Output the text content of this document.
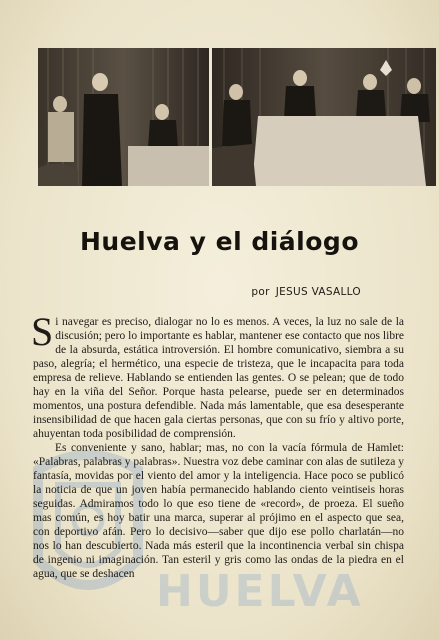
HUELVA
Huelva y el diálogo
por JESUS VASALLO

Si navegar es preciso, dialogar no lo es menos. A veces, la luz no sale de la discusión; pero lo importante es hablar, mantener ese contacto que nos libre de la absurda, estática introversión. El hombre comunicativo, siembra a su paso, alegría; el hermético, una especie de tristeza, que le incapacita para toda empresa de relieve. Hablando se entienden las gentes. O se pelean; que de todo hay en la viña del Señor. Porque hasta pelearse, puede ser en determinados momentos, una postura defendible. Nada más lamentable, que esa desesperante insensibilidad de que hacen gala ciertas personas, que con su frío y altivo porte, ahuyentan toda posibilidad de comprensión.

Es conveniente y sano, hablar; mas, no con la vacía fórmula de Hamlet: «Palabras, palabras y palabras». Nuestra voz debe caminar con alas de sutileza y fantasía, movidas por el viento del amor y la inteligencia. Hace poco se publicó la noticia de que un joven había permanecido hablando ciento veintiseis horas seguidas. Admiramos todo lo que eso tiene de «record», de proeza. El sueño mas común, es hoy batir una marca, superar al prójimo en el aspecto que sea, con deportivo afán. Pero lo decisivo—saber que dijo ese pollo charlatán—no nos lo han descubierto. Nada más esteril que la incontinencia verbal sin chispa de ingenio ni imaginación. Tan esteril y gris como las ondas de la piedra en el agua, que se deshacen
